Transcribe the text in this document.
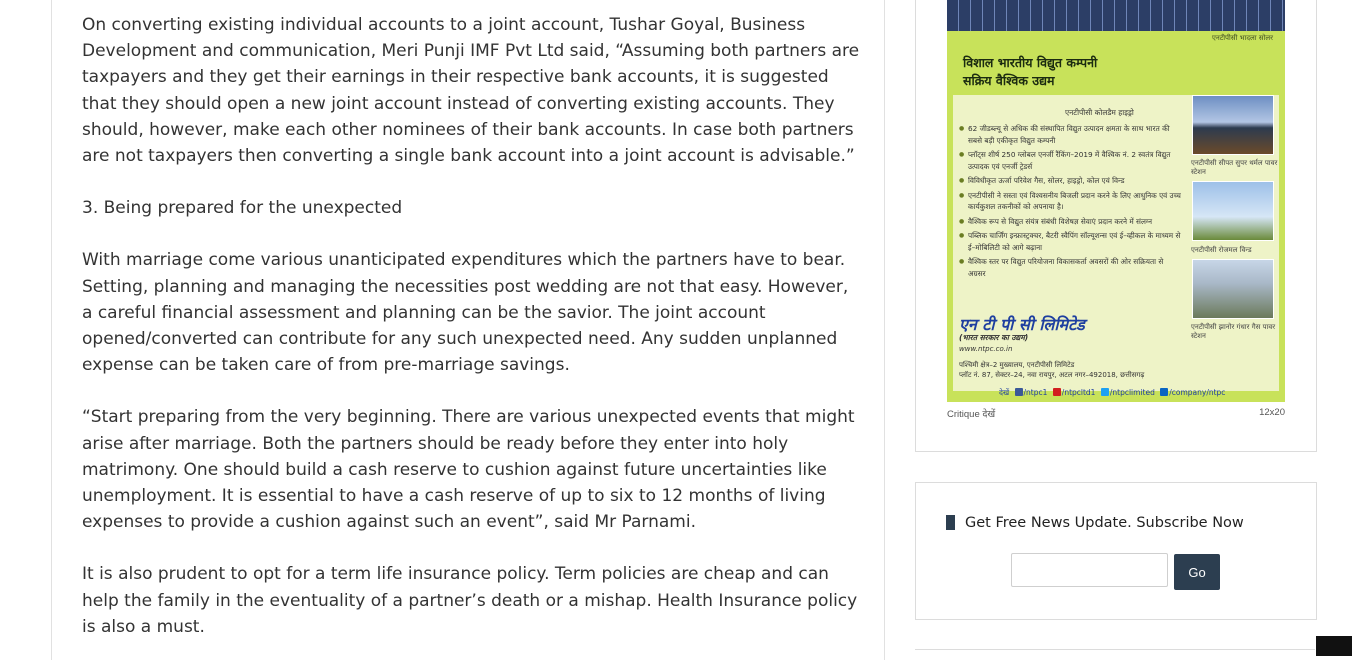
On converting existing individual accounts to a joint account, Tushar Goyal, Business Development and communication, Meri Punji IMF Pvt Ltd said, “Assuming both partners are taxpayers and they get their earnings in their respective bank accounts, it is suggested that they should open a new joint account instead of converting existing accounts. They should, however, make each other nominees of their bank accounts. In case both partners are not taxpayers then converting a single bank account into a joint account is advisable.”

3. Being prepared for the unexpected

With marriage come various unanticipated expenditures which the partners have to bear. Setting, planning and managing the necessities post wedding are not that easy. However, a careful financial assessment and planning can be the savior. The joint account opened/converted can contribute for any such unexpected need. Any sudden unplanned expense can be taken care of from pre-marriage savings.

“Start preparing from the very beginning. There are various unexpected events that might arise after marriage. Both the partners should be ready before they enter into holy matrimony. One should build a cash reserve to cushion against future uncertainties like unemployment. It is essential to have a cash reserve of up to six to 12 months of living expenses to provide a cushion against such an event”, said Mr Parnami.

It is also prudent to opt for a term life insurance policy. Term policies are cheap and can help the family in the eventuality of a partner’s death or a mishap. Health Insurance policy is also a must.

एनटीपीसी भादला सोलर
विशाल भारतीय विद्युत कम्पनी
सक्रिय वैश्विक उद्यम
एनटीपीसी कोलडैम हाइड्रो
● 62 जीडब्ल्यू से अधिक की संस्थापित विद्युत उत्पादन क्षमता के साथ भारत की सबसे बड़ी एकीकृत विद्युत कम्पनी
● प्लॉट्स शीर्ष 250 ग्लोबल एनर्जी रैंकिंग–2019 में वैश्विक नं. 2 स्वतंत्र विद्युत उत्पादक एवं एनर्जी ट्रेडर्स
● विविधीकृत ऊर्जा परिवेश गैस, सोलर, हाइड्रो, कोल एवं विन्ड
● एनटीपीसी ने सस्ता एवं विश्वसनीय बिजली प्रदान करने के लिए आधुनिक एवं उच्च कार्यकुशल तकनीकों को अपनाया है।
● वैश्विक रूप से विद्युत संयंत्र संबंधी विशेषज्ञ सेवाएं प्रदान करने में संलग्न
● पब्लिक चार्जिंग इन्फ्रास्ट्रक्चर, बैटरी स्वैपिंग सॉल्यूशन्स एवं ई–व्हीकल के माध्यम से ई–मोबिलिटी को आगे बढ़ाना
● वैश्विक स्तर पर विद्युत परियोजना विकासकर्ता अवसरों की ओर सक्रियता से अग्रसर
एनटीपीसी सीपत सुपर थर्मल पावर स्टेशन
एनटीपीसी रोजमल विन्ड
एनटीपीसी झानोर गंधार गैस पावर स्टेशन
एन टी पी सी लिमिटेड
(भारत सरकार का उद्यम)
www.ntpc.co.in
पश्चिमी क्षेत्र–2 मुख्यालय, एनटीपीसी लिमिटेड
प्लॉट नं. 87, सेक्टर–24, नवा रायपुर, अटल नगर–492018, छत्तीसगढ़
देखें /ntpc1 /ntpcltd1 /ntpclimited /company/ntpc
Critique देखें	12x20
Get Free News Update. Subscribe Now
Go
